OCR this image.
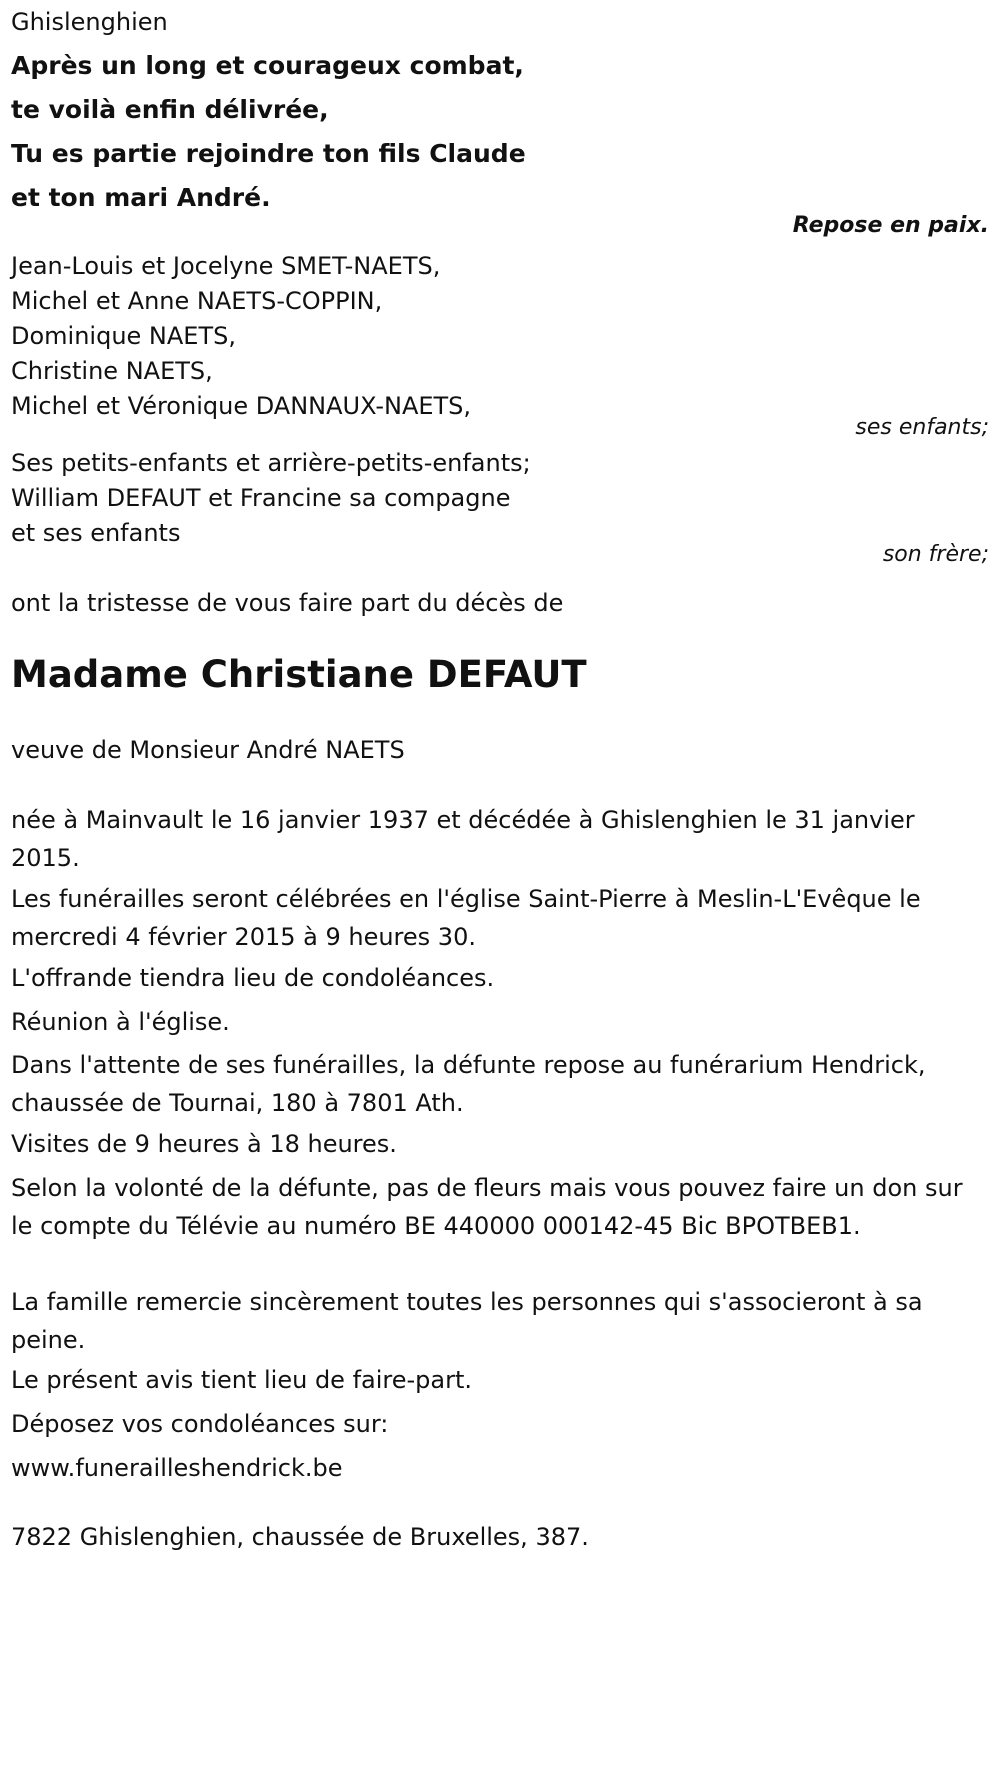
Ghislenghien
Après un long et courageux combat,
te voilà enfin délivrée,
Tu es partie rejoindre ton fils Claude
et ton mari André.
Repose en paix.
Jean-Louis et Jocelyne SMET-NAETS,
Michel et Anne NAETS-COPPIN,
Dominique NAETS,
Christine NAETS,
Michel et Véronique DANNAUX-NAETS,
ses enfants;
Ses petits-enfants et arrière-petits-enfants;
William DEFAUT et Francine sa compagne
et ses enfants
son frère;
ont la tristesse de vous faire part du décès de
Madame Christiane DEFAUT
veuve de Monsieur André NAETS
née à Mainvault le 16 janvier 1937 et décédée à Ghislenghien le 31 janvier 2015.
Les funérailles seront célébrées en l'église Saint-Pierre à Meslin-L'Evêque le mercredi 4 février 2015 à 9 heures 30.
L'offrande tiendra lieu de condoléances.
Réunion à l'église.
Dans l'attente de ses funérailles, la défunte repose au funérarium Hendrick, chaussée de Tournai, 180 à 7801 Ath.
Visites de 9 heures à 18 heures.
Selon la volonté de la défunte, pas de fleurs mais vous pouvez faire un don sur le compte du Télévie au numéro BE 440000 000142-45 Bic BPOTBEB1.
La famille remercie sincèrement toutes les personnes qui s'associeront à sa peine.
Le présent avis tient lieu de faire-part.
Déposez vos condoléances sur:
www.funerailleshendrick.be
7822 Ghislenghien, chaussée de Bruxelles, 387.
